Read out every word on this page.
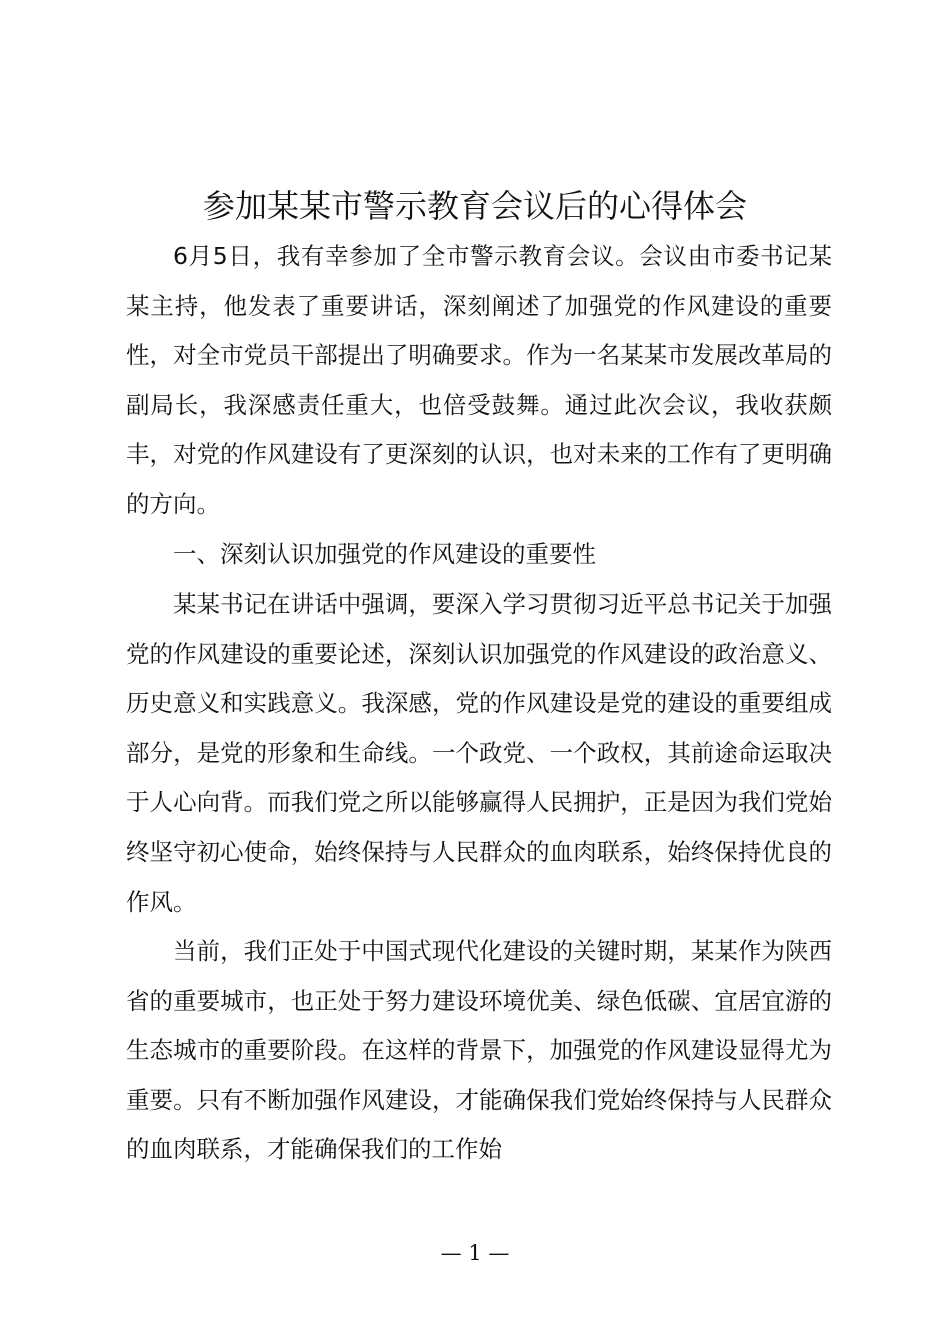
参加某某市警示教育会议后的心得体会

6月5日，我有幸参加了全市警示教育会议。会议由市委书记某某主持，他发表了重要讲话，深刻阐述了加强党的作风建设的重要性，对全市党员干部提出了明确要求。作为一名某某市发展改革局的副局长，我深感责任重大，也倍受鼓舞。通过此次会议，我收获颇丰，对党的作风建设有了更深刻的认识，也对未来的工作有了更明确的方向。

一、深刻认识加强党的作风建设的重要性

某某书记在讲话中强调，要深入学习贯彻习近平总书记关于加强党的作风建设的重要论述，深刻认识加强党的作风建设的政治意义、历史意义和实践意义。我深感，党的作风建设是党的建设的重要组成部分，是党的形象和生命线。一个政党、一个政权，其前途命运取决于人心向背。而我们党之所以能够赢得人民拥护，正是因为我们党始终坚守初心使命，始终保持与人民群众的血肉联系，始终保持优良的作风。

当前，我们正处于中国式现代化建设的关键时期，某某作为陕西省的重要城市，也正处于努力建设环境优美、绿色低碳、宜居宜游的生态城市的重要阶段。在这样的背景下，加强党的作风建设显得尤为重要。只有不断加强作风建设，才能确保我们党始终保持与人民群众的血肉联系，才能确保我们的工作始

— 1 —
